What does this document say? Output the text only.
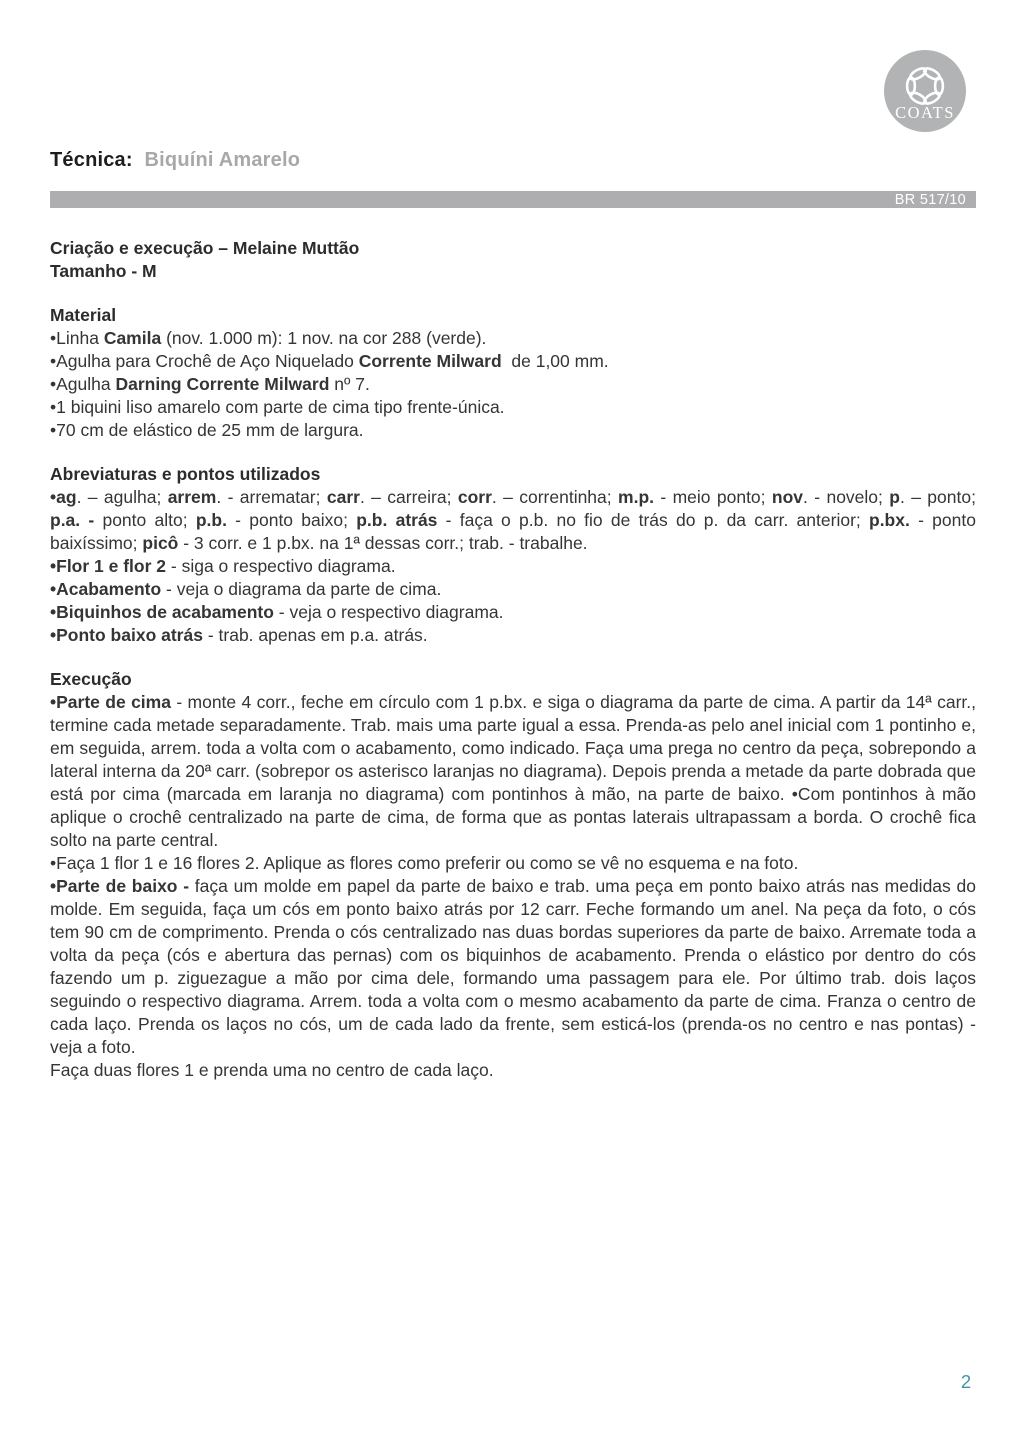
COATS
Técnica: Biquíni Amarelo
BR 517/10

Criação e execução – Melaine Muttão

Tamanho - M

Material

•Linha Camila (nov. 1.000 m): 1 nov. na cor 288 (verde).

•Agulha para Crochê de Aço Niquelado Corrente Milward  de 1,00 mm.

•Agulha Darning Corrente Milward nº 7.

•1 biquini liso amarelo com parte de cima tipo frente-única.

•70 cm de elástico de 25 mm de largura.

Abreviaturas e pontos utilizados

•ag. – agulha; arrem. - arrematar; carr. – carreira; corr. – correntinha; m.p. - meio ponto; nov. - novelo; p. – ponto; p.a. - ponto alto; p.b. - ponto baixo; p.b. atrás - faça o p.b. no fio de trás do p. da carr. anterior; p.bx. - ponto baixíssimo; picô - 3 corr. e 1 p.bx. na 1ª dessas corr.; trab. - trabalhe.

•Flor 1 e flor 2 - siga o respectivo diagrama.

•Acabamento - veja o diagrama da parte de cima.

•Biquinhos de acabamento - veja o respectivo diagrama.

•Ponto baixo atrás - trab. apenas em p.a. atrás.

Execução

•Parte de cima - monte 4 corr., feche em círculo com 1 p.bx. e siga o diagrama da parte de cima. A partir da 14ª carr., termine cada metade separadamente. Trab. mais uma parte igual a essa. Prenda-as pelo anel inicial com 1 pontinho e, em seguida, arrem. toda a volta com o acabamento, como indicado. Faça uma prega no centro da peça, sobrepondo a lateral interna da 20ª carr. (sobrepor os asterisco laranjas no diagrama). Depois prenda a metade da parte dobrada que está por cima (marcada em laranja no diagrama) com pontinhos à mão, na parte de baixo. •Com pontinhos à mão aplique o crochê centralizado na parte de cima, de forma que as pontas laterais ultrapassam a borda. O crochê fica solto na parte central.

•Faça 1 flor 1 e 16 flores 2. Aplique as flores como preferir ou como se vê no esquema e na foto.

•Parte de baixo - faça um molde em papel da parte de baixo e trab. uma peça em ponto baixo atrás nas medidas do molde. Em seguida, faça um cós em ponto baixo atrás por 12 carr. Feche formando um anel. Na peça da foto, o cós tem 90 cm de comprimento. Prenda o cós centralizado nas duas bordas superiores da parte de baixo. Arremate toda a volta da peça (cós e abertura das pernas) com os biquinhos de acabamento. Prenda o elástico por dentro do cós fazendo um p. ziguezague a mão por cima dele, formando uma passagem para ele. Por último trab. dois laços seguindo o respectivo diagrama. Arrem. toda a volta com o mesmo acabamento da parte de cima. Franza o centro de cada laço. Prenda os laços no cós, um de cada lado da frente, sem esticá-los (prenda-os no centro e nas pontas) - veja a foto.

Faça duas flores 1 e prenda uma no centro de cada laço.

2
